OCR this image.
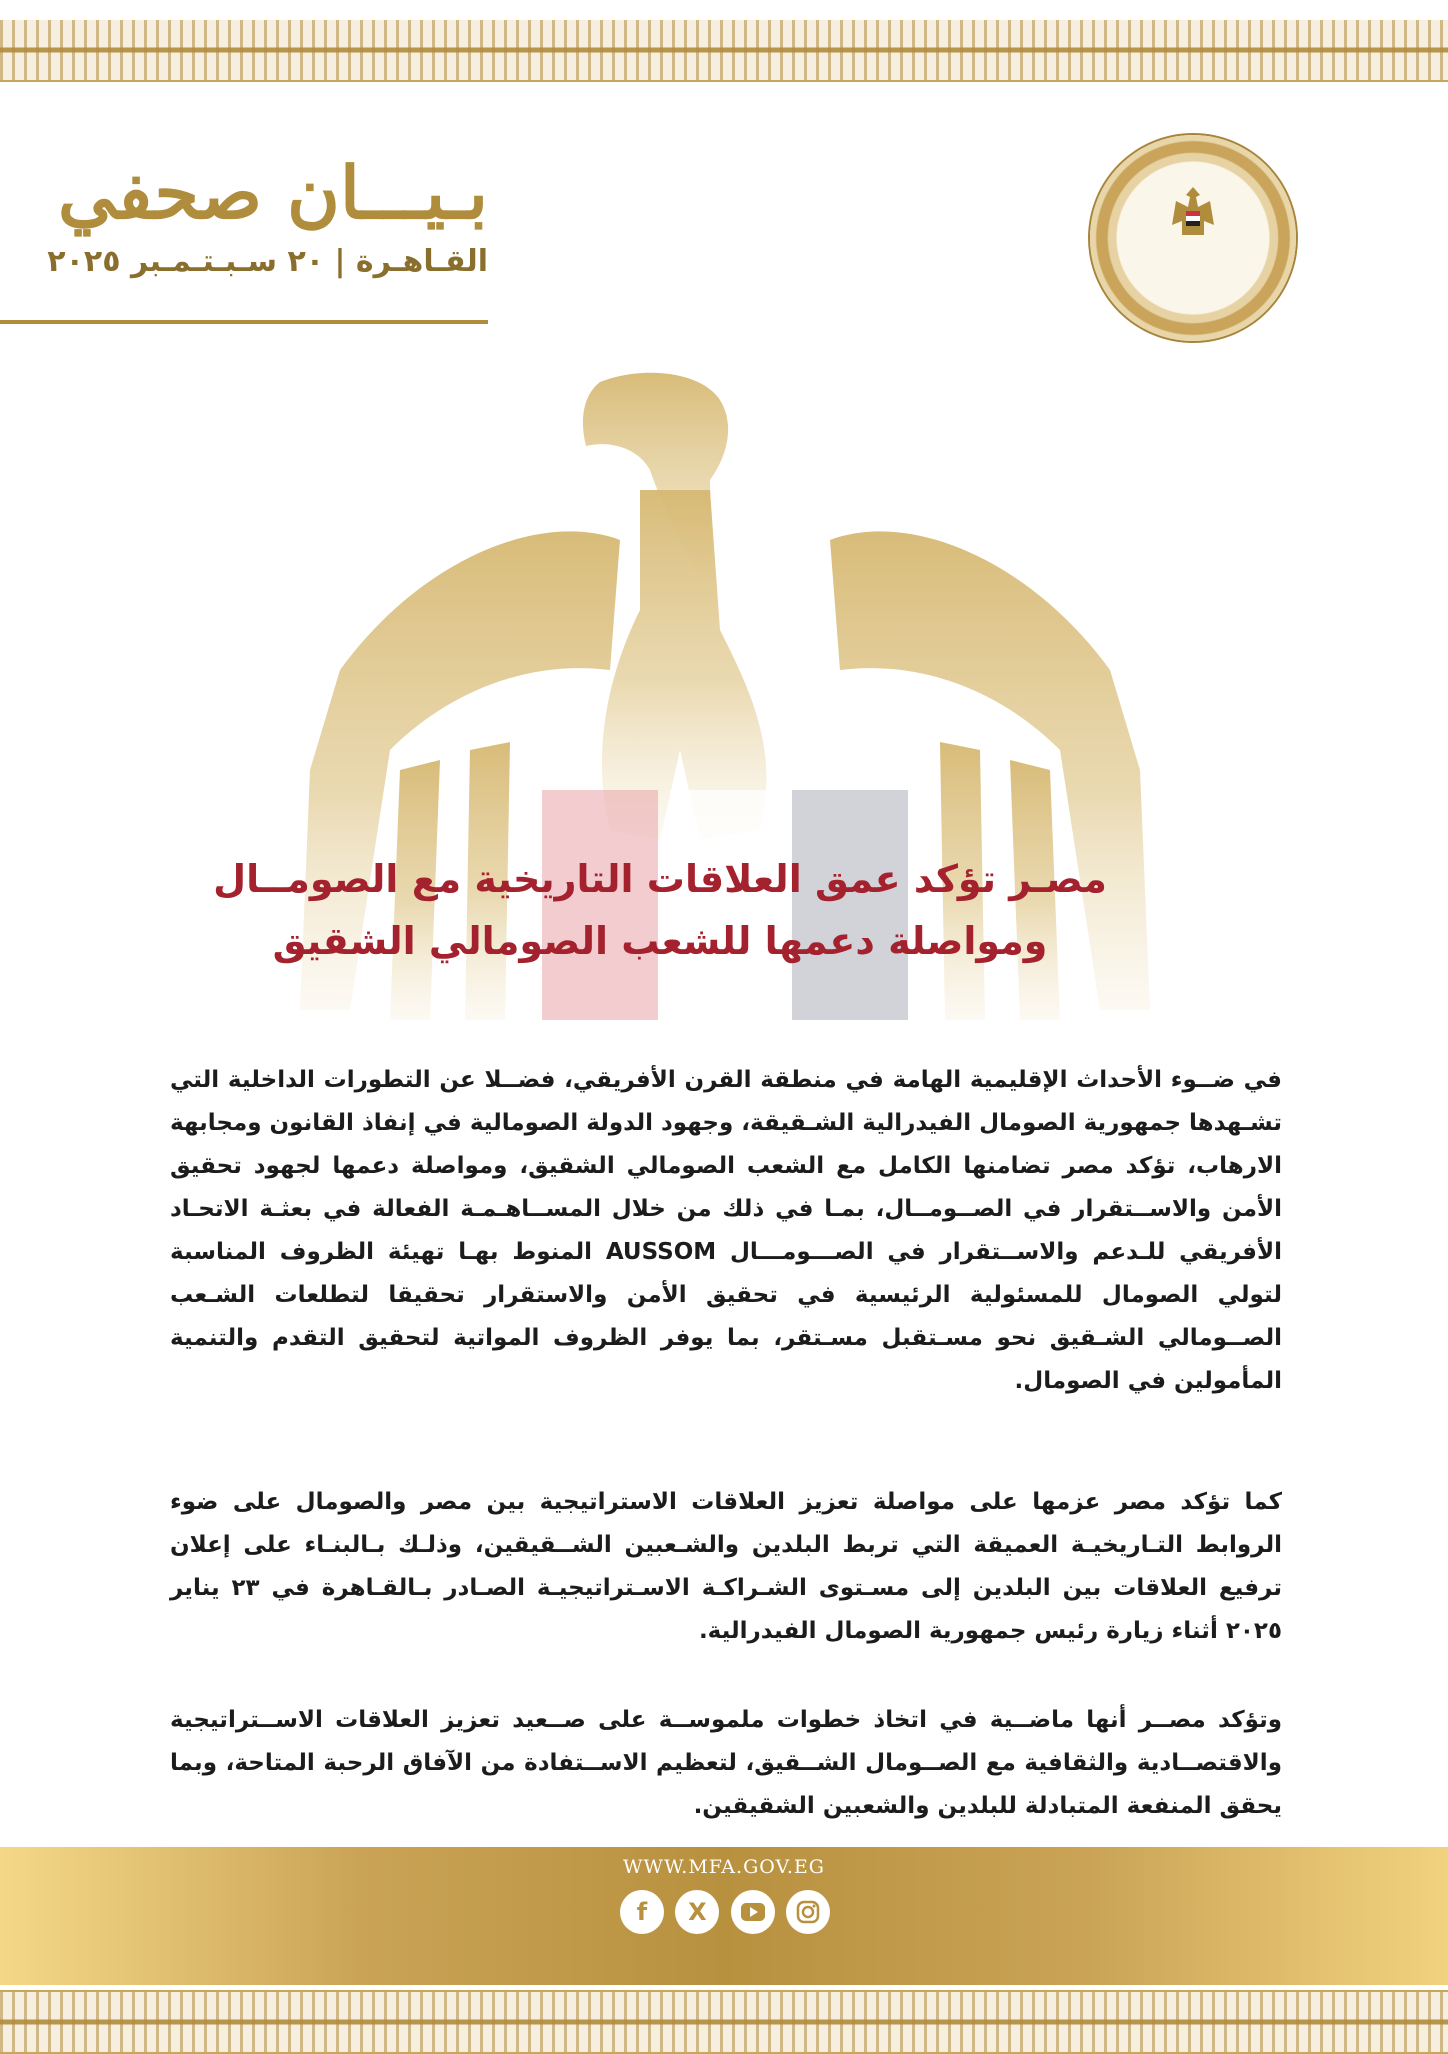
بـيـــان صحفي
القـاهـرة | ٢٠ سـبـتـمـبر ٢٠٢٥
مصـر تؤكد عمق العلاقات التاريخية مع الصومــال
ومواصلة دعمها للشعب الصومالي الشقيق

في ضــوء الأحداث الإقليمية الهامة في منطقة القرن الأفريقي، فضــلا عن التطورات الداخلية التي تشـهدها جمهورية الصومال الفيدرالية الشـقيقة، وجهود الدولة الصومالية في إنفاذ القانون ومجابهة الارهاب، تؤكد مصر تضامنها الكامل مع الشعب الصومالي الشقيق، ومواصلة دعمها لجهود تحقيق الأمن والاســتقرار في الصــومــال، بمـا في ذلك من خلال المســاهـمـة الفعالة في بعثـة الاتحـاد الأفريقي للـدعم والاســتقرار في الصـــومـــال AUSSOM المنوط بهـا تهيئة الظروف المناسبة لتولي الصومال للمسئولية الرئيسية في تحقيق الأمن والاستقرار تحقيقا لتطلعات الشـعب الصــومالي الشـقيق نحو مسـتقبل مسـتقر، بما يوفر الظروف المواتية لتحقيق التقدم والتنمية المأمولين في الصومال.

كما تؤكد مصر عزمها على مواصلة تعزيز العلاقات الاستراتيجية بين مصر والصومال على ضوء الروابط التـاريخيـة العميقة التي تربط البلدين والشـعبين الشــقيقين، وذلـك بـالبنـاء على إعلان ترفيع العلاقات بين البلدين إلى مسـتوى الشـراكـة الاسـتراتيجيـة الصـادر بـالقـاهرة في ٢٣ يناير ٢٠٢٥ أثناء زيارة رئيس جمهورية الصومال الفيدرالية.

وتؤكد مصــر أنها ماضــية في اتخاذ خطوات ملموســة على صــعيد تعزيز العلاقات الاســتراتيجية والاقتصــادية والثقافية مع الصــومال الشــقيق، لتعظيم الاســتفادة من الآفاق الرحبة المتاحة، وبما يحقق المنفعة المتبادلة للبلدين والشعبين الشقيقين.

WWW.MFA.GOV.EG
f	X
